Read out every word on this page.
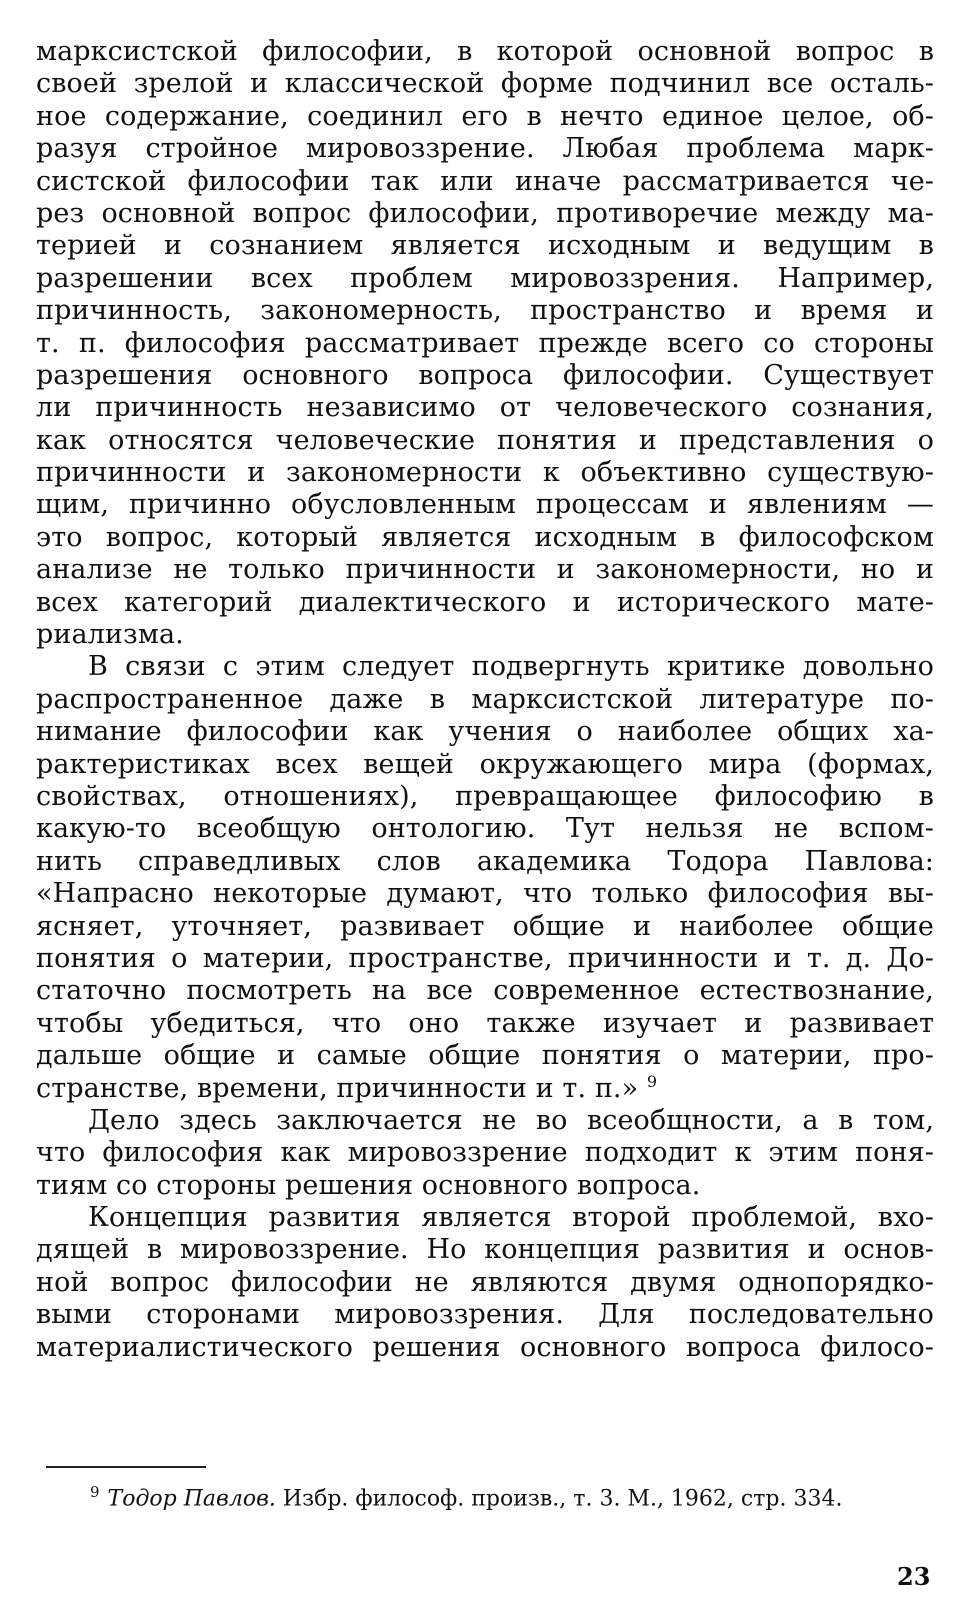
марксистской философии, в которой основной вопрос в
своей зрелой и классической форме подчинил все осталь-
ное содержание, соединил его в нечто единое целое, об-
разуя стройное мировоззрение. Любая проблема марк-
систской философии так или иначе рассматривается че-
рез основной вопрос философии, противоречие между ма-
терией и сознанием является исходным и ведущим в
разрешении всех проблем мировоззрения. Например,
причинность, закономерность, пространство и время и
т. п. философия рассматривает прежде всего со стороны
разрешения основного вопроса философии. Существует
ли причинность независимо от человеческого сознания,
как относятся человеческие понятия и представления о
причинности и закономерности к объективно существую-
щим, причинно обусловленным процессам и явлениям —
это вопрос, который является исходным в философском
анализе не только причинности и закономерности, но и
всех категорий диалектического и исторического мате-
риализма.
В связи с этим следует подвергнуть критике довольно
распространенное даже в марксистской литературе по-
нимание философии как учения о наиболее общих ха-
рактеристиках всех вещей окружающего мира (формах,
свойствах, отношениях), превращающее философию в
какую-то всеобщую онтологию. Тут нельзя не вспом-
нить справедливых слов академика Тодора Павлова:
«Напрасно некоторые думают, что только философия вы-
ясняет, уточняет, развивает общие и наиболее общие
понятия о материи, пространстве, причинности и т. д. До-
статочно посмотреть на все современное естествознание,
чтобы убедиться, что оно также изучает и развивает
дальше общие и самые общие понятия о материи, про-
странстве, времени, причинности и т. п.» $^9$
Дело здесь заключается не во всеобщности, а в том,
что философия как мировоззрение подходит к этим поня-
тиям со стороны решения основного вопроса.
Концепция развития является второй проблемой, вхо-
дящей в мировоззрение. Но концепция развития и основ-
ной вопрос философии не являются двумя однопорядко-
выми сторонами мировоззрения. Для последовательно
материалистического решения основного вопроса филосо-
$^9$ Тодор Павлов. Избр. философ. произв., т. 3. М., 1962, стр. 334.
23
